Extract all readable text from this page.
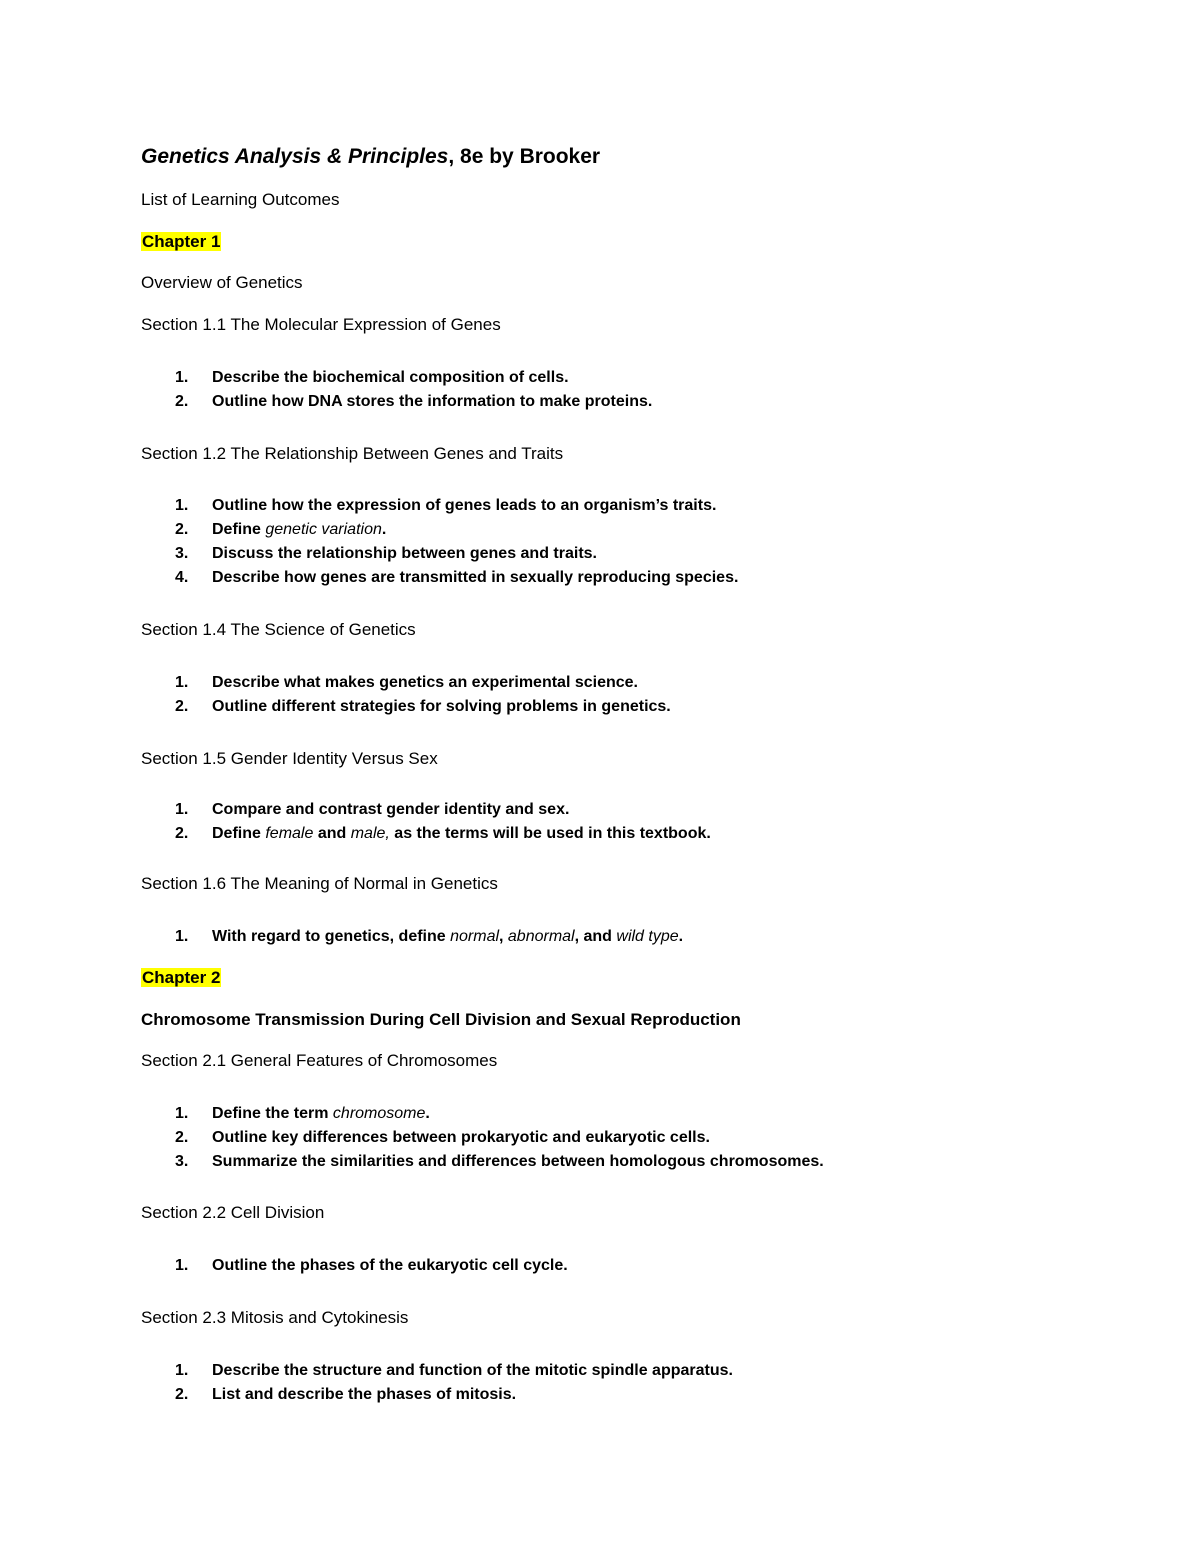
Genetics Analysis & Principles, 8e by Brooker
List of Learning Outcomes
Chapter 1
Overview of Genetics
Section 1.1 The Molecular Expression of Genes
1. Describe the biochemical composition of cells.
2. Outline how DNA stores the information to make proteins.
Section 1.2 The Relationship Between Genes and Traits
1. Outline how the expression of genes leads to an organism’s traits.
2. Define genetic variation.
3. Discuss the relationship between genes and traits.
4. Describe how genes are transmitted in sexually reproducing species.
Section 1.4 The Science of Genetics
1. Describe what makes genetics an experimental science.
2. Outline different strategies for solving problems in genetics.
Section 1.5 Gender Identity Versus Sex
1. Compare and contrast gender identity and sex.
2. Define female and male, as the terms will be used in this textbook.
Section 1.6 The Meaning of Normal in Genetics
1. With regard to genetics, define normal, abnormal, and wild type.
Chapter 2
Chromosome Transmission During Cell Division and Sexual Reproduction
Section 2.1 General Features of Chromosomes
1. Define the term chromosome.
2. Outline key differences between prokaryotic and eukaryotic cells.
3. Summarize the similarities and differences between homologous chromosomes.
Section 2.2 Cell Division
1. Outline the phases of the eukaryotic cell cycle.
Section 2.3 Mitosis and Cytokinesis
1. Describe the structure and function of the mitotic spindle apparatus.
2. List and describe the phases of mitosis.
